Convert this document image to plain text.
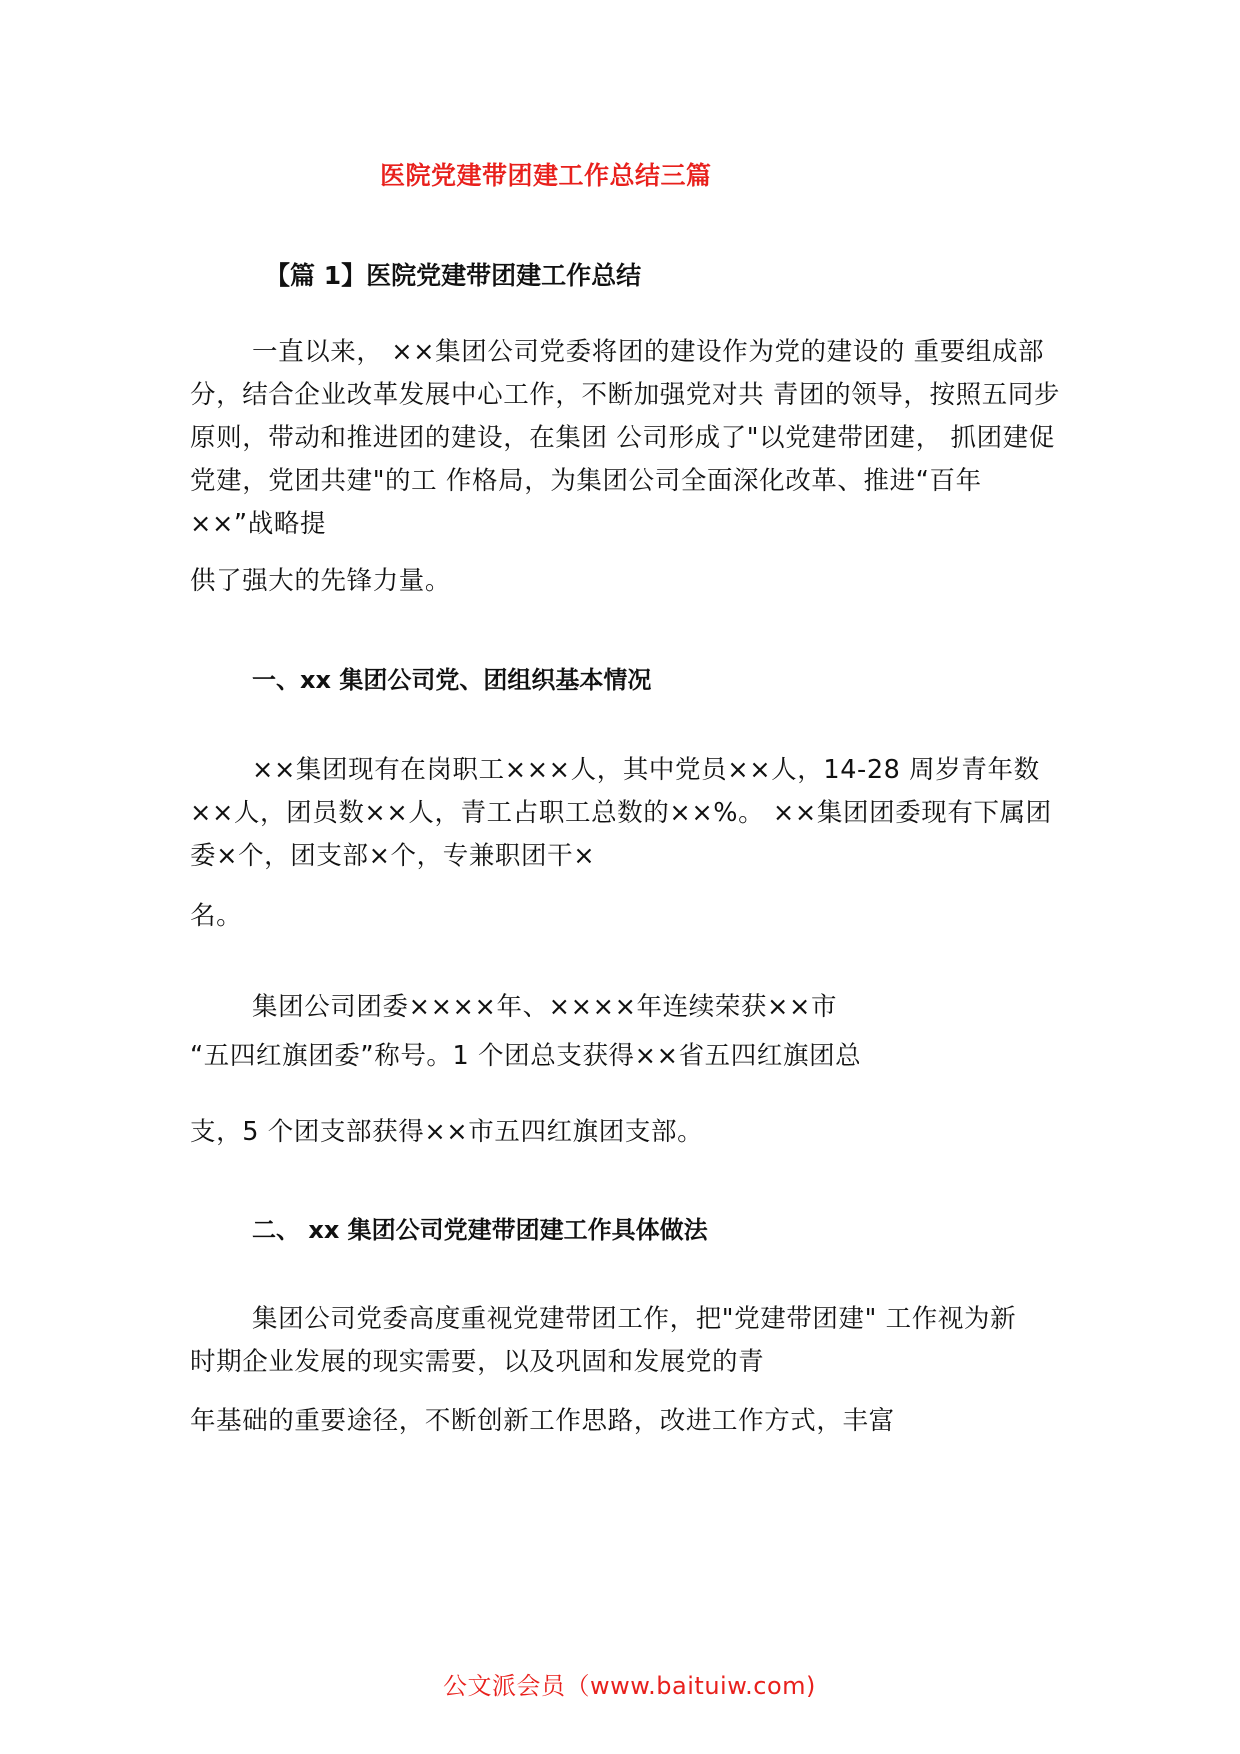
医院党建带团建工作总结三篇
【篇 1】医院党建带团建工作总结
一直以来， ××集团公司党委将团的建设作为党的建设的 重要组成部
分，结合企业改革发展中心工作，不断加强党对共 青团的领导，按照五同步
原则，带动和推进团的建设，在集团 公司形成了"以党建带团建， 抓团建促
党建，党团共建"的工 作格局，为集团公司全面深化改革、推进“百年
××”战略提
供了强大的先锋力量。
一、xx 集团公司党、团组织基本情况
××集团现有在岗职工×××人，其中党员××人，14-28 周岁青年数
××人，团员数××人，青工占职工总数的××%。 ××集团团委现有下属团
委×个，团支部×个，专兼职团干×
名。
集团公司团委××××年、××××年连续荣获××市
“五四红旗团委”称号。1 个团总支获得××省五四红旗团总
支，5 个团支部获得××市五四红旗团支部。
二、 xx 集团公司党建带团建工作具体做法
集团公司党委高度重视党建带团工作，把"党建带团建" 工作视为新
时期企业发展的现实需要，以及巩固和发展党的青
年基础的重要途径，不断创新工作思路，改进工作方式，丰富
公文派会员（www.baituiw.com)
